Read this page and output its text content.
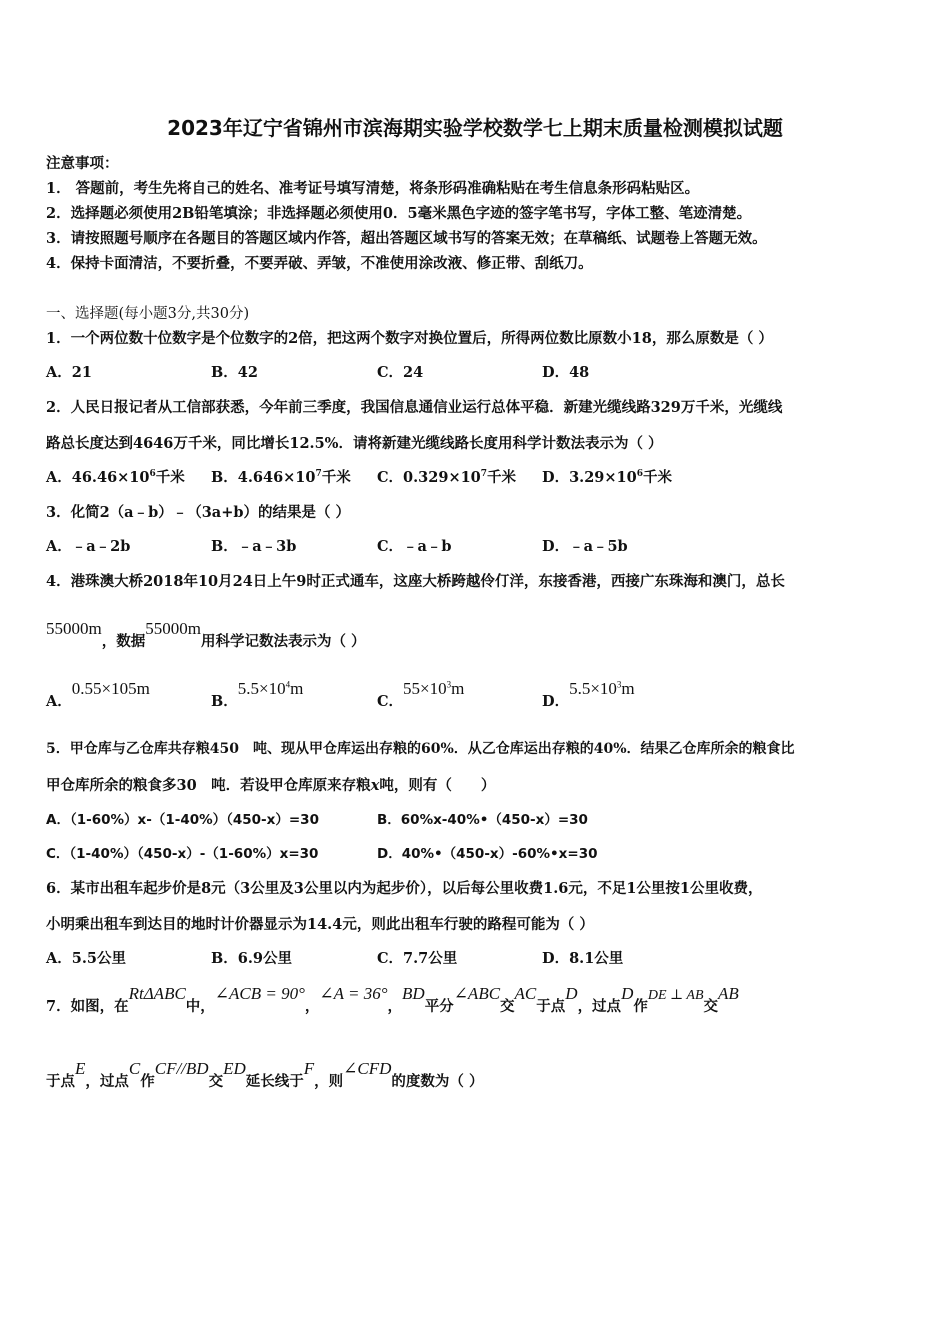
2023年辽宁省锦州市滨海期实验学校数学七上期末质量检测模拟试题
注意事项：
1． 答题前，考生先将自己的姓名、准考证号填写清楚，将条形码准确粘贴在考生信息条形码粘贴区。
2．选择题必须使用2B铅笔填涂；非选择题必须使用0．5毫米黑色字迹的签字笔书写，字体工整、笔迹清楚。
3．请按照题号顺序在各题目的答题区域内作答，超出答题区域书写的答案无效；在草稿纸、试题卷上答题无效。
4．保持卡面清洁，不要折叠，不要弄破、弄皱，不准使用涂改液、修正带、刮纸刀。
一、选择题(每小题3分,共30分)
1．一个两位数十位数字是个位数字的2倍，把这两个数字对换位置后，所得两位数比原数小18，那么原数是（ ）
A．21	B．42	C．24	D．48
2．人民日报记者从工信部获悉，今年前三季度，我国信息通信业运行总体平稳．新建光缆线路329万千米，光缆线
路总长度达到4646万千米，同比增长12.5%．请将新建光缆线路长度用科学计数法表示为（ ）
A．$46.46\times 10^6$千米 B．$4.646\times 10^7$千米 C．$0.329\times 10^7$千米 D．$3.29\times 10^6$千米
3．化简2（a﹣b）﹣（3a+b）的结果是（ ）
A．﹣a﹣2b	B．﹣a﹣3b	C．﹣a﹣b	D．﹣a﹣5b
4．港珠澳大桥2018年10月24日上午9时正式通车，这座大桥跨越伶仃洋，东接香港，西接广东珠海和澳门，总长
55000m，数据55000m用科学记数法表示为（ ）
A．0.55×105m
B．$5.5\times 10^4m$
C．$55\times 10^3m$
D．$5.5\times 10^3m$
5．甲仓库与乙仓库共存粮450　吨、现从甲仓库运出存粮的60%．从乙仓库运出存粮的40%．结果乙仓库所余的粮食比
甲仓库所余的粮食多30　吨．若设甲仓库原来存粮x吨，则有（　　）
A．（1-60%）x-（1-40%）（450-x）=30	B．60%x-40%•（450-x）=30
C．（1-40%）（450-x）-（1-60%）x=30	D．40%•（450-x）-60%•x=30
6．某市出租车起步价是8元（3公里及3公里以内为起步价），以后每公里收费1.6元，不足1公里按1公里收费，
小明乘出租车到达目的地时计价器显示为14.4元，则此出租车行驶的路程可能为（ ）
A．5.5公里	B．6.9公里	C．7.7公里	D．8.1公里
7．如图，在RtΔABC中，∠ACB = 90°，∠A = 36°，BD平分∠ABC交AC于点D，过点D作DE ⊥ AB交AB
于点E，过点C作CF//BD交ED延长线于F，则∠CFD的度数为（ ）
